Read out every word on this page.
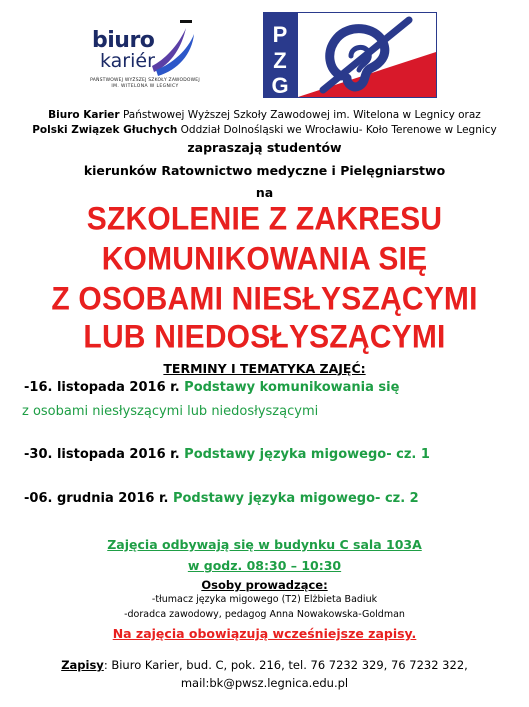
biuro
kariér
PAŃSTWOWEJ WYŻSZEJ SZKOŁY ZAWODOWEJ
IM. WITELONA W LEGNICY
P
Z
G
Biuro Karier Państwowej Wyższej Szkoły Zawodowej im. Witelona w Legnicy oraz
Polski Związek Głuchych Oddział Dolnośląski we Wrocławiu- Koło Terenowe w Legnicy
zapraszają studentów
kierunków Ratownictwo medyczne i Pielęgniarstwo
na
SZKOLENIE Z ZAKRESU
KOMUNIKOWANIA SIĘ
Z OSOBAMI NIESŁYSZĄCYMI
LUB NIEDOSŁYSZĄCYMI
TERMINY I TEMATYKA ZAJĘĆ:
-16. listopada 2016 r. Podstawy komunikowania się
z osobami niesłyszącymi lub niedosłyszącymi
-30. listopada 2016 r. Podstawy języka migowego- cz. 1
-06. grudnia 2016 r. Podstawy języka migowego- cz. 2
Zajęcia odbywają się w budynku C sala 103A
w godz. 08:30 – 10:30
Osoby prowadzące:
-tłumacz języka migowego (T2) Elżbieta Badiuk
-doradca zawodowy, pedagog Anna Nowakowska-Goldman
Na zajęcia obowiązują wcześniejsze zapisy.
Zapisy: Biuro Karier, bud. C, pok. 216, tel. 76 7232 329, 76 7232 322,
mail:bk@pwsz.legnica.edu.pl
